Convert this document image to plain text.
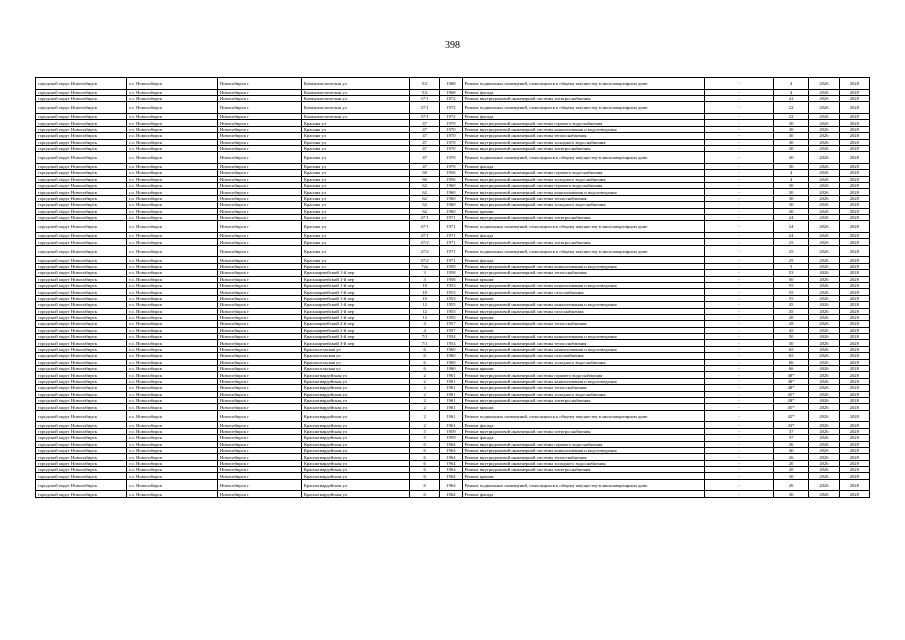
398
городской округ Новосибирск	г.о. Новосибирск	Новосибирск г	Коммунистическая ул	5/2	1968	Ремонт подвальных помещений, относящихся к общему имуществу в многоквартирном доме	-	4	2026	2028
городской округ Новосибирск	г.о. Новосибирск	Новосибирск г	Коммунистическая ул	5/2	1968	Ремонт фасада	-	4	2026	2028
городской округ Новосибирск	г.о. Новосибирск	Новосибирск г	Коммунистическая ул	37/1	1972	Ремонт внутридомовой инженерной системы электроснабжения	-	22	2026	2028
городской округ Новосибирск	г.о. Новосибирск	Новосибирск г	Коммунистическая ул	37/1	1972	Ремонт подвальных помещений, относящихся к общему имуществу в многоквартирном доме	-	22	2026	2028
городской округ Новосибирск	г.о. Новосибирск	Новосибирск г	Коммунистическая ул	37/1	1972	Ремонт фасада	-	22	2026	2028
городской округ Новосибирск	г.о. Новосибирск	Новосибирск г	Красина ул	47	1970	Ремонт внутридомовой инженерной системы горячего водоснабжения	-	30	2026	2028
городской округ Новосибирск	г.о. Новосибирск	Новосибирск г	Красина ул	47	1970	Ремонт внутридомовой инженерной системы канализования и водоотведения	-	30	2026	2028
городской округ Новосибирск	г.о. Новосибирск	Новосибирск г	Красина ул	47	1970	Ремонт внутридомовой инженерной системы теплоснабжения	-	30	2026	2028
городской округ Новосибирск	г.о. Новосибирск	Новосибирск г	Красина ул	47	1970	Ремонт внутридомовой инженерной системы холодного водоснабжения	-	30	2026	2028
городской округ Новосибирск	г.о. Новосибирск	Новосибирск г	Красина ул	47	1970	Ремонт внутридомовой инженерной системы электроснабжения	-	30	2026	2028
городской округ Новосибирск	г.о. Новосибирск	Новосибирск г	Красина ул	47	1970	Ремонт подвальных помещений, относящихся к общему имуществу в многоквартирном доме	-	30	2026	2028
городской округ Новосибирск	г.о. Новосибирск	Новосибирск г	Красина ул	47	1970	Ремонт фасада	-	30	2026	2028
городской округ Новосибирск	г.о. Новосибирск	Новосибирск г	Красина ул	60	1956	Ремонт внутридомовой инженерной системы горячего водоснабжения	-	4	2026	2028
городской округ Новосибирск	г.о. Новосибирск	Новосибирск г	Красина ул	60	1956	Ремонт внутридомовой инженерной системы холодного водоснабжения	-	4	2026	2028
городской округ Новосибирск	г.о. Новосибирск	Новосибирск г	Красина ул	62	1960	Ремонт внутридомовой инженерной системы горячего водоснабжения	-	30	2026	2028
городской округ Новосибирск	г.о. Новосибирск	Новосибирск г	Красина ул	62	1960	Ремонт внутридомовой инженерной системы канализования и водоотведения	-	30	2026	2028
городской округ Новосибирск	г.о. Новосибирск	Новосибирск г	Красина ул	62	1960	Ремонт внутридомовой инженерной системы теплоснабжения	-	30	2026	2028
городской округ Новосибирск	г.о. Новосибирск	Новосибирск г	Красина ул	62	1960	Ремонт внутридомовой инженерной системы холодного водоснабжения	-	30	2026	2028
городской округ Новосибирск	г.о. Новосибирск	Новосибирск г	Красина ул	62	1960	Ремонт крыши	-	30	2026	2028
городской округ Новосибирск	г.о. Новосибирск	Новосибирск г	Красина ул	47/1	1971	Ремонт внутридомовой инженерной системы электроснабжения	-	24	2026	2028
городской округ Новосибирск	г.о. Новосибирск	Новосибирск г	Красина ул	47/1	1971	Ремонт подвальных помещений, относящихся к общему имуществу в многоквартирном доме	-	24	2026	2028
городской округ Новосибирск	г.о. Новосибирск	Новосибирск г	Красина ул	47/1	1971	Ремонт фасада	-	24	2026	2028
городской округ Новосибирск	г.о. Новосибирск	Новосибирск г	Красина ул	47/2	1971	Ремонт внутридомовой инженерной системы электроснабжения	-	25	2026	2028
городской округ Новосибирск	г.о. Новосибирск	Новосибирск г	Красина ул	47/2	1971	Ремонт подвальных помещений, относящихся к общему имуществу в многоквартирном доме	-	25	2026	2028
городской округ Новосибирск	г.о. Новосибирск	Новосибирск г	Красина ул	47/2	1971	Ремонт фасада	-	25	2026	2028
городской округ Новосибирск	г.о. Новосибирск	Новосибирск г	Красина ул	72а	1950	Ремонт внутридомовой инженерной системы канализования и водоотведения	-	5	2026	2028
городской округ Новосибирск	г.о. Новосибирск	Новосибирск г	Красноармейский 1-й пер	3	1958	Ремонт внутридомовой инженерной системы теплоснабжения	-	53	2026	2028
городской округ Новосибирск	г.о. Новосибирск	Новосибирск г	Красноармейский 1-й пер	3	1958	Ремонт крыши	-	50	2026	2028
городской округ Новосибирск	г.о. Новосибирск	Новосибирск г	Красноармейский 1-й пер	10	1953	Ремонт внутридомовой инженерной системы канализования и водоотведения	-	55	2026	2028
городской округ Новосибирск	г.о. Новосибирск	Новосибирск г	Красноармейский 1-й пер	10	1953	Ремонт внутридомовой инженерной системы газоснабжения	-	55	2026	2028
городской округ Новосибирск	г.о. Новосибирск	Новосибирск г	Красноармейский 1-й пер	10	1953	Ремонт крыши	-	55	2026	2028
городской округ Новосибирск	г.о. Новосибирск	Новосибирск г	Красноармейский 1-й пер	12	1955	Ремонт внутридомовой инженерной системы канализования и водоотведения	-	45	2026	2028
городской округ Новосибирск	г.о. Новосибирск	Новосибирск г	Красноармейский 1-й пер	12	1955	Ремонт внутридомовой инженерной системы газоснабжения	-	45	2026	2028
городской округ Новосибирск	г.о. Новосибирск	Новосибирск г	Красноармейский 1-й пер	12	1955	Ремонт крыши	-	20	2026	2028
городской округ Новосибирск	г.о. Новосибирск	Новосибирск г	Красноармейский 2-й пер	4	1957	Ремонт внутридомовой инженерной системы теплоснабжения	-	28	2026	2028
городской округ Новосибирск	г.о. Новосибирск	Новосибирск г	Красноармейский 2-й пер	4	1957	Ремонт крыши	-	45	2026	2028
городской округ Новосибирск	г.о. Новосибирск	Новосибирск г	Красноармейский 3-й пер	7/1	1954	Ремонт внутридомовой инженерной системы канализования и водоотведения	-	50	2026	2028
городской округ Новосибирск	г.о. Новосибирск	Новосибирск г	Красноармейский 3-й пер	7/1	1954	Ремонт внутридомовой инженерной системы теплоснабжения	-	50	2026	2028
городской округ Новосибирск	г.о. Новосибирск	Новосибирск г	Красносельская ул	6	1960	Ремонт внутридомовой инженерной системы канализования и водоотведения	-	65	2026	2028
городской округ Новосибирск	г.о. Новосибирск	Новосибирск г	Красносельская ул	6	1960	Ремонт внутридомовой инженерной системы газоснабжения	-	65	2026	2028
городской округ Новосибирск	г.о. Новосибирск	Новосибирск г	Красносельская ул	6	1960	Ремонт внутридомовой инженерной системы холодного водоснабжения	-	66	2026	2028
городской округ Новосибирск	г.о. Новосибирск	Новосибирск г	Красносельская ул	6	1960	Ремонт крыши	-	66	2026	2028
городской округ Новосибирск	г.о. Новосибирск	Новосибирск г	Красногвардейская ул	2	1961	Ремонт внутридомовой инженерной системы горячего водоснабжения	-	48*	2026	2028
городской округ Новосибирск	г.о. Новосибирск	Новосибирск г	Красногвардейская ул	2	1961	Ремонт внутридомовой инженерной системы канализования и водоотведения	-	48*	2026	2028
городской округ Новосибирск	г.о. Новосибирск	Новосибирск г	Красногвардейская ул	2	1961	Ремонт внутридомовой инженерной системы теплоснабжения	-	48*	2026	2028
городской округ Новосибирск	г.о. Новосибирск	Новосибирск г	Красногвардейская ул	2	1961	Ремонт внутридомовой инженерной системы холодного водоснабжения	-	45*	2026	2028
городской округ Новосибирск	г.о. Новосибирск	Новосибирск г	Красногвардейская ул	2	1961	Ремонт внутридомовой инженерной системы электроснабжения	-	28*	2026	2028
городской округ Новосибирск	г.о. Новосибирск	Новосибирск г	Красногвардейская ул	2	1961	Ремонт крыши	-	45*	2026	2028
городской округ Новосибирск	г.о. Новосибирск	Новосибирск г	Красногвардейская ул	2	1961	Ремонт подвальных помещений, относящихся к общему имуществу в многоквартирном доме	-	42*	2026	2028
городской округ Новосибирск	г.о. Новосибирск	Новосибирск г	Красногвардейская ул	2	1961	Ремонт фасада	-	43*	2026	2028
городской округ Новосибирск	г.о. Новосибирск	Новосибирск г	Красногвардейская ул	5	1959	Ремонт внутридомовой инженерной системы электроснабжения	-	37	2026	2028
городской округ Новосибирск	г.о. Новосибирск	Новосибирск г	Красногвардейская ул	5	1959	Ремонт фасада	-	37	2026	2028
городской округ Новосибирск	г.о. Новосибирск	Новосибирск г	Красногвардейская ул	6	1964	Ремонт внутридомовой инженерной системы горячего водоснабжения	-	26	2026	2028
городской округ Новосибирск	г.о. Новосибирск	Новосибирск г	Красногвардейская ул	6	1964	Ремонт внутридомовой инженерной системы канализования и водоотведения	-	40	2026	2028
городской округ Новосибирск	г.о. Новосибирск	Новосибирск г	Красногвардейская ул	6	1964	Ремонт внутридомовой инженерной системы теплоснабжения	-	26	2026	2028
городской округ Новосибирск	г.о. Новосибирск	Новосибирск г	Красногвардейская ул	6	1964	Ремонт внутридомовой инженерной системы холодного водоснабжения	-	20	2026	2028
городской округ Новосибирск	г.о. Новосибирск	Новосибирск г	Красногвардейская ул	6	1964	Ремонт внутридомовой инженерной системы электроснабжения	-	20	2026	2028
городской округ Новосибирск	г.о. Новосибирск	Новосибирск г	Красногвардейская ул	6	1964	Ремонт крыши	-	30	2026	2028
городской округ Новосибирск	г.о. Новосибирск	Новосибирск г	Красногвардейская ул	6	1964	Ремонт подвальных помещений, относящихся к общему имуществу в многоквартирном доме	-	26	2026	2028
городской округ Новосибирск	г.о. Новосибирск	Новосибирск г	Красногвардейская ул	6	1964	Ремонт фасада	-	30	2026	2028
